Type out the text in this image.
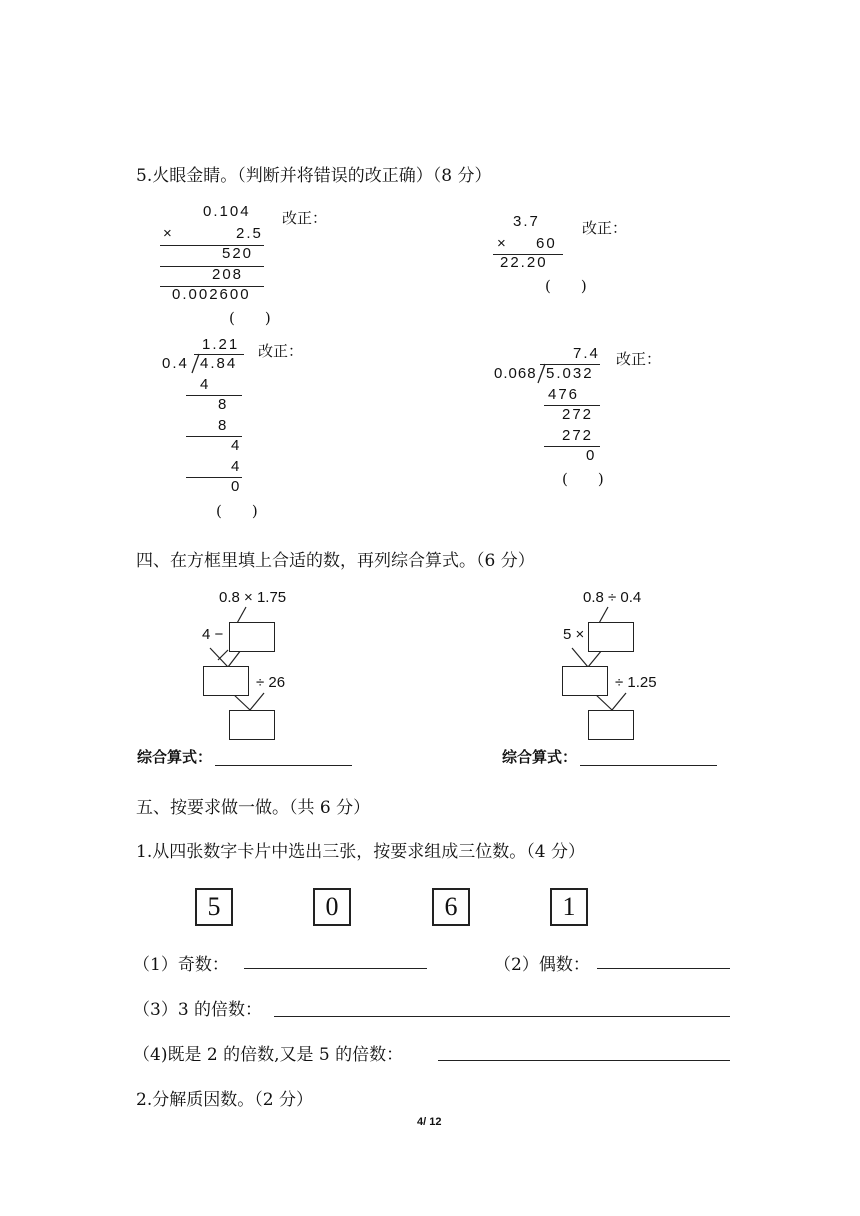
5.火眼金睛。（判断并将错误的改正确）（8 分）
0.104
×	2.5
520
208
0.002600
(　　)
改正：	3.7
× 60
22.20
(　　)
改正：
1.21
0.4 4.84
4
8
8
4
4
0
(　　)
改正：	7.4
0.068 5.032
476
272
272
0
(　　)
改正：
四、在方框里填上合适的数，再列综合算式。（6 分）
0.8 × 1.75
4 −
÷ 26
综合算式：
0.8 ÷ 0.4
5 ×
÷ 1.25
综合算式：
五、按要求做一做。（共 6 分）
1.从四张数字卡片中选出三张，按要求组成三位数。（4 分）
5	0	6	1
（1）奇数：	（2）偶数：
（3）3 的倍数：
（4)既是 2 的倍数,又是 5 的倍数：
2.分解质因数。（2 分）
4/ 12
